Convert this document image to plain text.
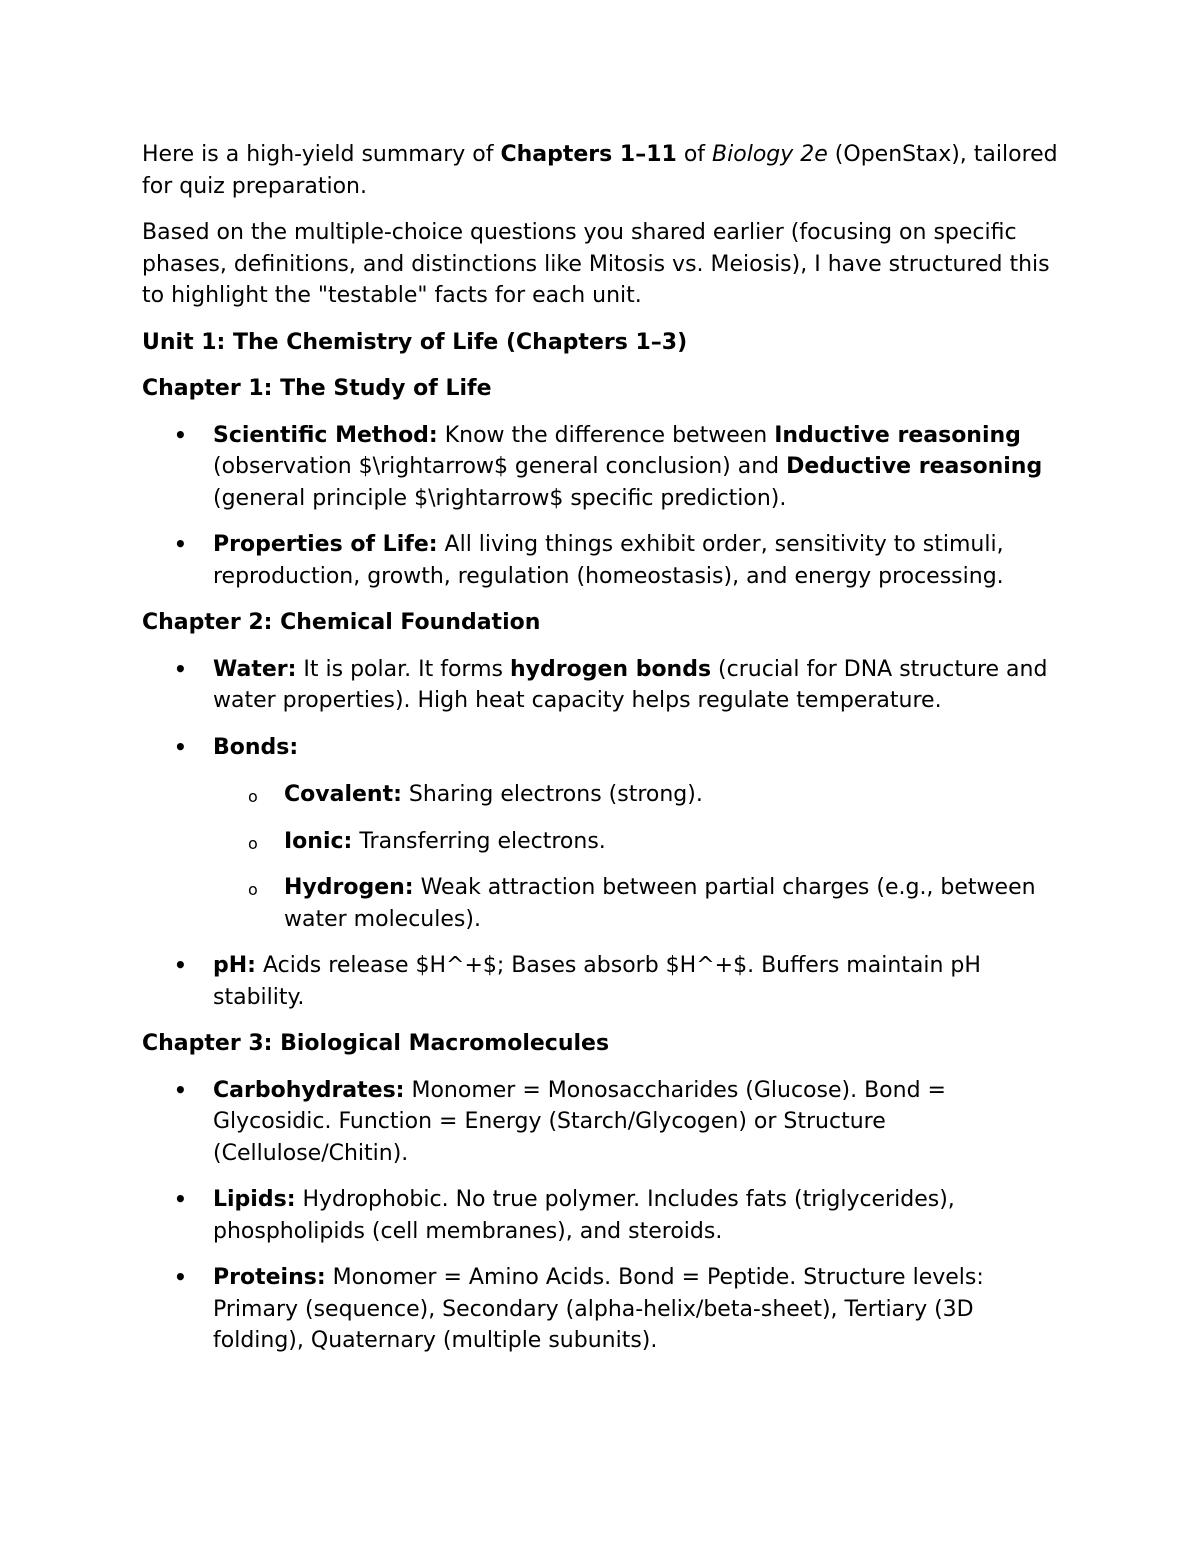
Here is a high-yield summary of Chapters 1–11 of Biology 2e (OpenStax), tailored for quiz preparation.

Based on the multiple-choice questions you shared earlier (focusing on specific phases, definitions, and distinctions like Mitosis vs. Meiosis), I have structured this to highlight the "testable" facts for each unit.

Unit 1: The Chemistry of Life (Chapters 1–3)
Chapter 1: The Study of Life
• Scientific Method: Know the difference between Inductive reasoning (observation $\rightarrow$ general conclusion) and Deductive reasoning (general principle $\rightarrow$ specific prediction).
• Properties of Life: All living things exhibit order, sensitivity to stimuli, reproduction, growth, regulation (homeostasis), and energy processing.
Chapter 2: Chemical Foundation
• Water: It is polar. It forms hydrogen bonds (crucial for DNA structure and water properties). High heat capacity helps regulate temperature.
• Bonds:
o Covalent: Sharing electrons (strong).
o Ionic: Transferring electrons.
o Hydrogen: Weak attraction between partial charges (e.g., between water molecules).
• pH: Acids release $H^+$; Bases absorb $H^+$. Buffers maintain pH stability.
Chapter 3: Biological Macromolecules
• Carbohydrates: Monomer = Monosaccharides (Glucose). Bond = Glycosidic. Function = Energy (Starch/Glycogen) or Structure (Cellulose/Chitin).
• Lipids: Hydrophobic. No true polymer. Includes fats (triglycerides), phospholipids (cell membranes), and steroids.
• Proteins: Monomer = Amino Acids. Bond = Peptide. Structure levels: Primary (sequence), Secondary (alpha-helix/beta-sheet), Tertiary (3D folding), Quaternary (multiple subunits).
